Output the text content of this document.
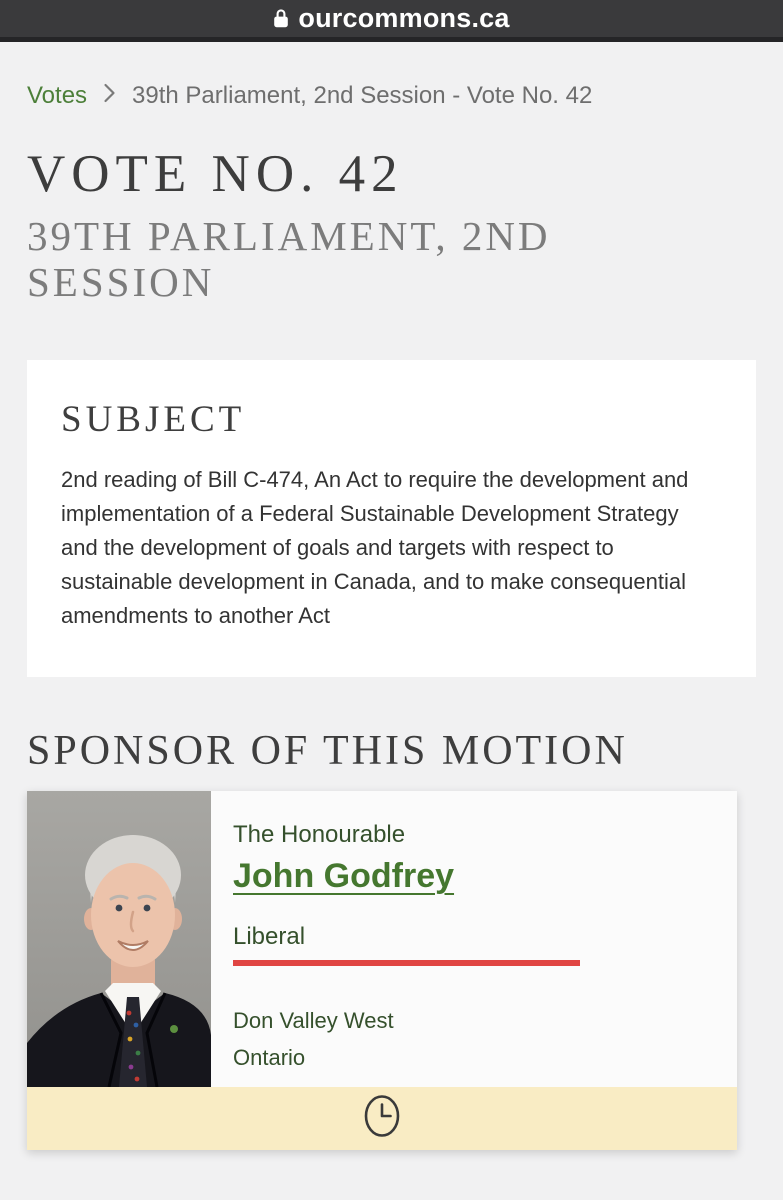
ourcommons.ca
Votes 39th Parliament, 2nd Session - Vote No. 42
VOTE NO. 42
39TH PARLIAMENT, 2ND SESSION
SUBJECT

2nd reading of Bill C-474, An Act to require the development and implementation of a Federal Sustainable Development Strategy and the development of goals and targets with respect to sustainable development in Canada, and to make consequential amendments to another Act

SPONSOR OF THIS MOTION
The Honourable
John Godfrey
Liberal
Don Valley West
Ontario
